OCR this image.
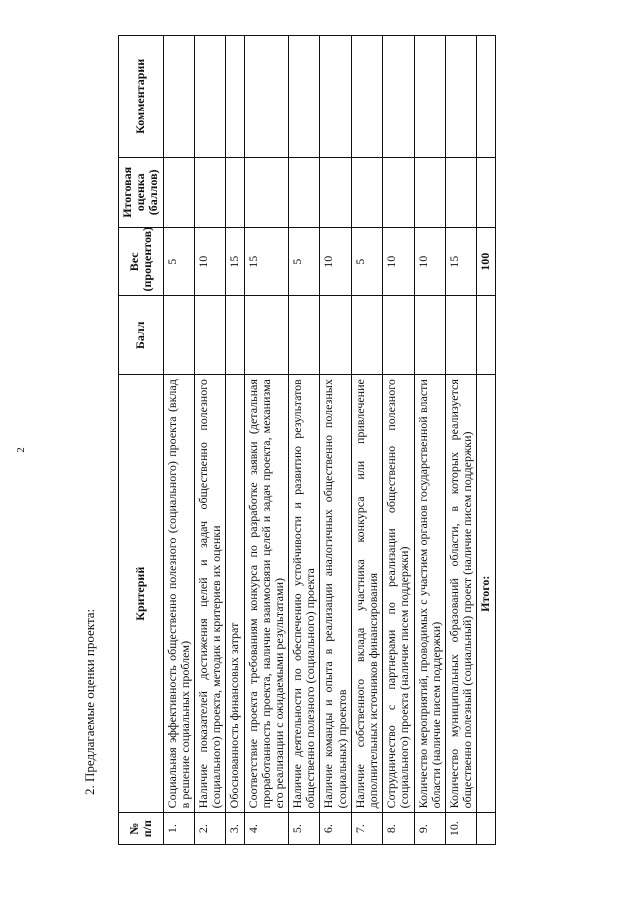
2
2. Предлагаемые оценки проекта:
№ п/п	Критерий	Балл	Вес (процентов)	Итоговая оценка (баллов)	Комментарии
1.	Социальная эффективность общественно полезного (социального) проекта (вклад в решение социальных проблем)		5		
2.	Наличие показателей достижения целей и задач общественно полезного (социального) проекта, методик и критериев их оценки		10		
3.	Обоснованность финансовых затрат		15		
4.	Соответствие проекта требованиям конкурса по разработке заявки (детальная проработанность проекта, наличие взаимосвязи целей и задач проекта, механизма его реализации с ожидаемыми результатами)		15		
5.	Наличие деятельности по обеспечению устойчивости и развитию результатов общественно полезного (социального) проекта		5		
6.	Наличие команды и опыта в реализации аналогичных общественно полезных (социальных) проектов		10		
7.	Наличие собственного вклада участника конкурса или привлечение дополнительных источников финансирования		5		
8.	Сотрудничество с партнерами по реализации общественно полезного (социального) проекта (наличие писем поддержки)		10		
9.	Количество мероприятий, проводимых с участием органов государственной власти области (наличие писем поддержки)		10		
10.	Количество муниципальных образований области, в которых реализуется общественно полезный (социальный) проект (наличие писем поддержки)		15		
	Итого:		100		
